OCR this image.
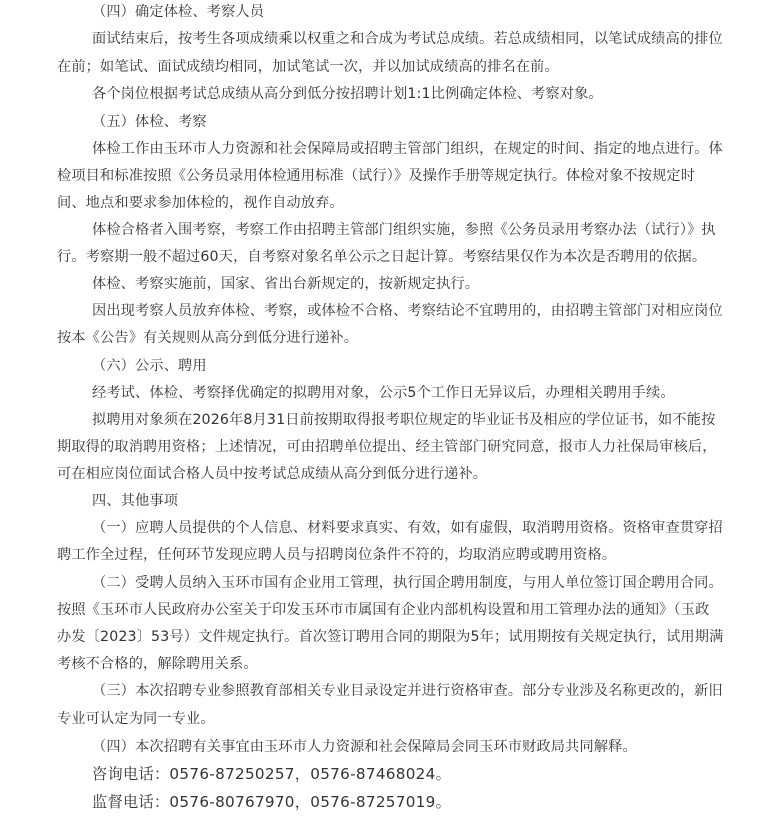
（四）确定体检、考察人员
面试结束后，按考生各项成绩乘以权重之和合成为考试总成绩。若总成绩相同，以笔试成绩高的排位
在前；如笔试、面试成绩均相同，加试笔试一次，并以加试成绩高的排名在前。
各个岗位根据考试总成绩从高分到低分按招聘计划1:1比例确定体检、考察对象。
（五）体检、考察
体检工作由玉环市人力资源和社会保障局或招聘主管部门组织，在规定的时间、指定的地点进行。体
检项目和标准按照《公务员录用体检通用标准（试行）》及操作手册等规定执行。体检对象不按规定时
间、地点和要求参加体检的，视作自动放弃。
体检合格者入围考察，考察工作由招聘主管部门组织实施，参照《公务员录用考察办法（试行）》执
行。考察期一般不超过60天，自考察对象名单公示之日起计算。考察结果仅作为本次是否聘用的依据。
体检、考察实施前，国家、省出台新规定的，按新规定执行。
因出现考察人员放弃体检、考察，或体检不合格、考察结论不宜聘用的，由招聘主管部门对相应岗位
按本《公告》有关规则从高分到低分进行递补。
（六）公示、聘用
经考试、体检、考察择优确定的拟聘用对象，公示5个工作日无异议后，办理相关聘用手续。
拟聘用对象须在2026年8月31日前按期取得报考职位规定的毕业证书及相应的学位证书，如不能按
期取得的取消聘用资格；上述情况，可由招聘单位提出、经主管部门研究同意，报市人力社保局审核后，
可在相应岗位面试合格人员中按考试总成绩从高分到低分进行递补。
四、其他事项
（一）应聘人员提供的个人信息、材料要求真实、有效，如有虚假，取消聘用资格。资格审查贯穿招
聘工作全过程，任何环节发现应聘人员与招聘岗位条件不符的，均取消应聘或聘用资格。
（二）受聘人员纳入玉环市国有企业用工管理，执行国企聘用制度，与用人单位签订国企聘用合同。
按照《玉环市人民政府办公室关于印发玉环市市属国有企业内部机构设置和用工管理办法的通知》（玉政
办发〔2023〕53号）文件规定执行。首次签订聘用合同的期限为5年；试用期按有关规定执行，试用期满
考核不合格的，解除聘用关系。
（三）本次招聘专业参照教育部相关专业目录设定并进行资格审查。部分专业涉及名称更改的，新旧
专业可认定为同一专业。
（四）本次招聘有关事宜由玉环市人力资源和社会保障局会同玉环市财政局共同解释。
咨询电话：0576-87250257，0576-87468024。
监督电话：0576-80767970，0576-87257019。
